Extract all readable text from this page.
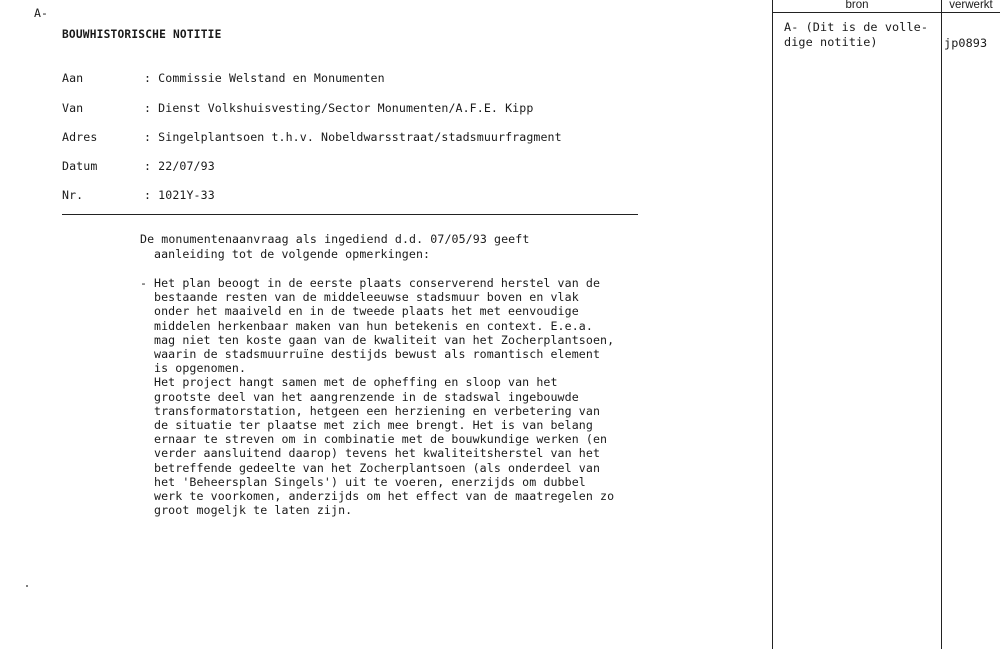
A-
BOUWHISTORISCHE NOTITIE
Aan	: Commissie Welstand en Monumenten
Van	: Dienst Volkshuisvesting/Sector Monumenten/A.F.E. Kipp
Adres	: Singelplantsoen t.h.v. Nobeldwarsstraat/stadsmuurfragment
Datum	: 22/07/93
Nr.	: 1021Y-33
De monumentenaanvraag als ingediend d.d. 07/05/93 geeft
aanleiding tot de volgende opmerkingen:
- Het plan beoogt in de eerste plaats conserverend herstel van de
bestaande resten van de middeleeuwse stadsmuur boven en vlak
onder het maaiveld en in de tweede plaats het met eenvoudige
middelen herkenbaar maken van hun betekenis en context. E.e.a.
mag niet ten koste gaan van de kwaliteit van het Zocherplantsoen,
waarin de stadsmuurruïne destijds bewust als romantisch element
is opgenomen.
Het project hangt samen met de opheffing en sloop van het
grootste deel van het aangrenzende in de stadswal ingebouwde
transformatorstation, hetgeen een herziening en verbetering van
de situatie ter plaatse met zich mee brengt. Het is van belang
ernaar te streven om in combinatie met de bouwkundige werken (en
verder aansluitend daarop) tevens het kwaliteitsherstel van het
betreffende gedeelte van het Zocherplantsoen (als onderdeel van
het 'Beheersplan Singels') uit te voeren, enerzijds om dubbel
werk te voorkomen, anderzijds om het effect van de maatregelen zo
groot mogeljk te laten zijn.
bron	verwerkt
A- (Dit is de volle-
dige notitie)	jp0893
